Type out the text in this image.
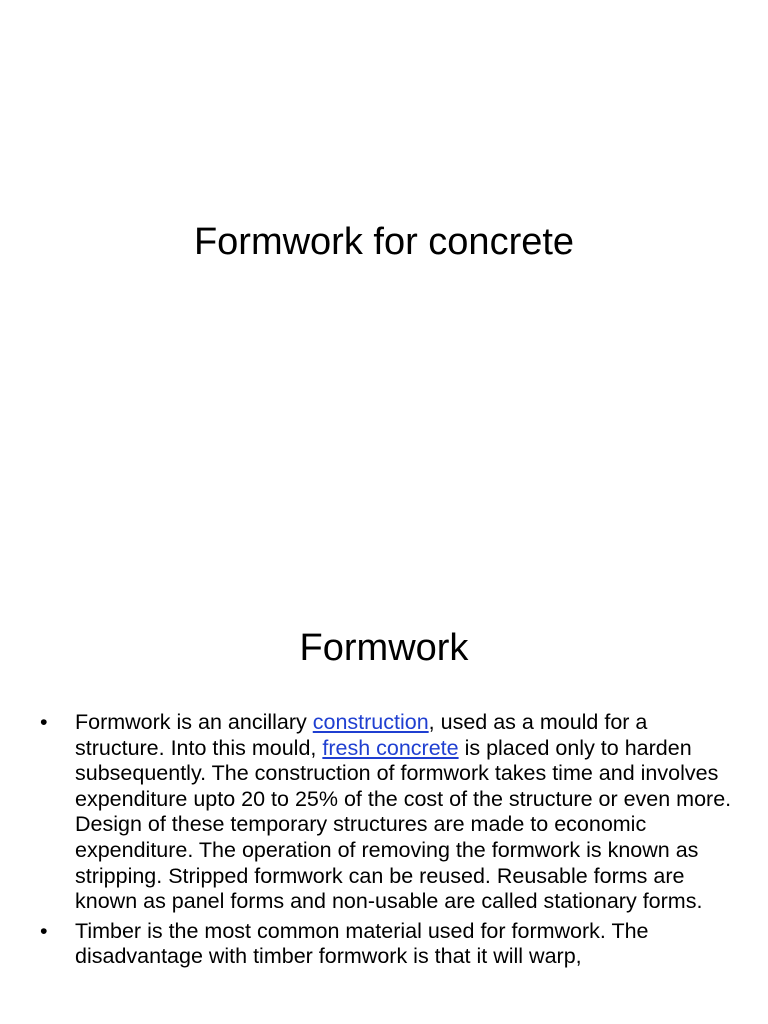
Formwork for concrete
Formwork
• Formwork is an ancillary construction, used as a mould for a structure. Into this mould, fresh concrete is placed only to harden subsequently. The construction of formwork takes time and involves expenditure upto 20 to 25% of the cost of the structure or even more. Design of these temporary structures are made to economic expenditure. The operation of removing the formwork is known as stripping. Stripped formwork can be reused. Reusable forms are known as panel forms and non-usable are called stationary forms.
• Timber is the most common material used for formwork. The disadvantage with timber formwork is that it will warp,
